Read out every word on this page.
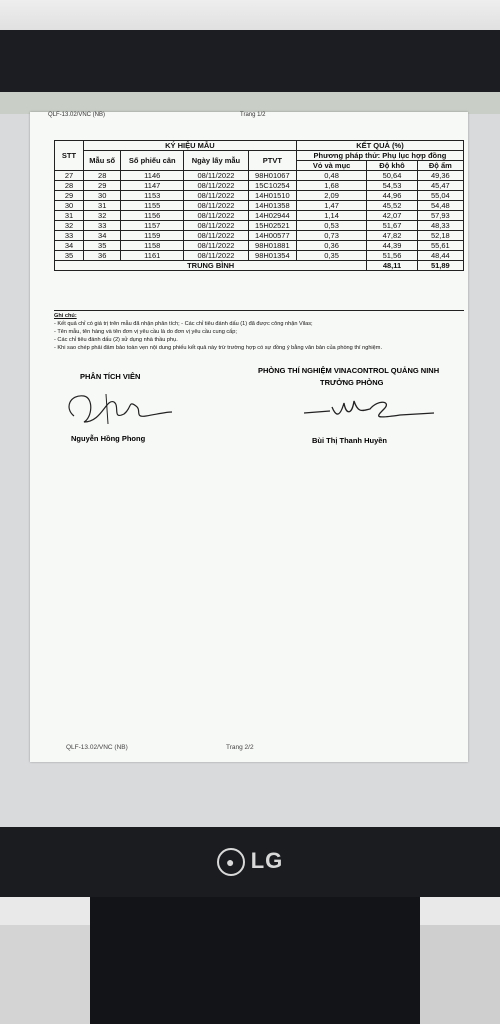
QLF-13.02/VNC (NB)	Trang 1/2
STT	KÝ HIỆU MẪU				KẾT QUẢ (%)		
	Mẫu số	Số phiếu cân	Ngày lấy mẫu	PTVT	Phương pháp thử: Phụ lục hợp đồng		
					Vỏ và mục	Độ khô	Độ ẩm
27	28	1146	08/11/2022	98H01067	0,48	50,64	49,36
28	29	1147	08/11/2022	15C10254	1,68	54,53	45,47
29	30	1153	08/11/2022	14H01510	2,09	44,96	55,04
30	31	1155	08/11/2022	14H01358	1,47	45,52	54,48
31	32	1156	08/11/2022	14H02944	1,14	42,07	57,93
32	33	1157	08/11/2022	15H02521	0,53	51,67	48,33
33	34	1159	08/11/2022	14H00577	0,73	47,82	52,18
34	35	1158	08/11/2022	98H01881	0,36	44,39	55,61
35	36	1161	08/11/2022	98H01354	0,35	51,56	48,44
TRUNG BÌNH						48,11	51,89
Ghi chú:
- Kết quả chỉ có giá trị trên mẫu đã nhận phân tích; - Các chỉ tiêu đánh dấu (1) đã được công nhận Vilas;
- Tên mẫu, tên hàng và tên đơn vị yêu cầu là do đơn vị yêu cầu cung cấp;
- Các chỉ tiêu đánh dấu (2) sử dụng nhà thầu phụ.
- Khi sao chép phải đảm bảo toàn vẹn nội dung phiếu kết quả này trừ trường hợp có sự đồng ý bằng văn bản của phòng thí nghiệm.
PHÂN TÍCH VIÊN
PHÒNG THÍ NGHIỆM VINACONTROL QUẢNG NINH
TRƯỞNG PHÒNG
Nguyễn Hồng Phong	Bùi Thị Thanh Huyền
QLF-13.02/VNC (NB)	Trang 2/2
● LG
